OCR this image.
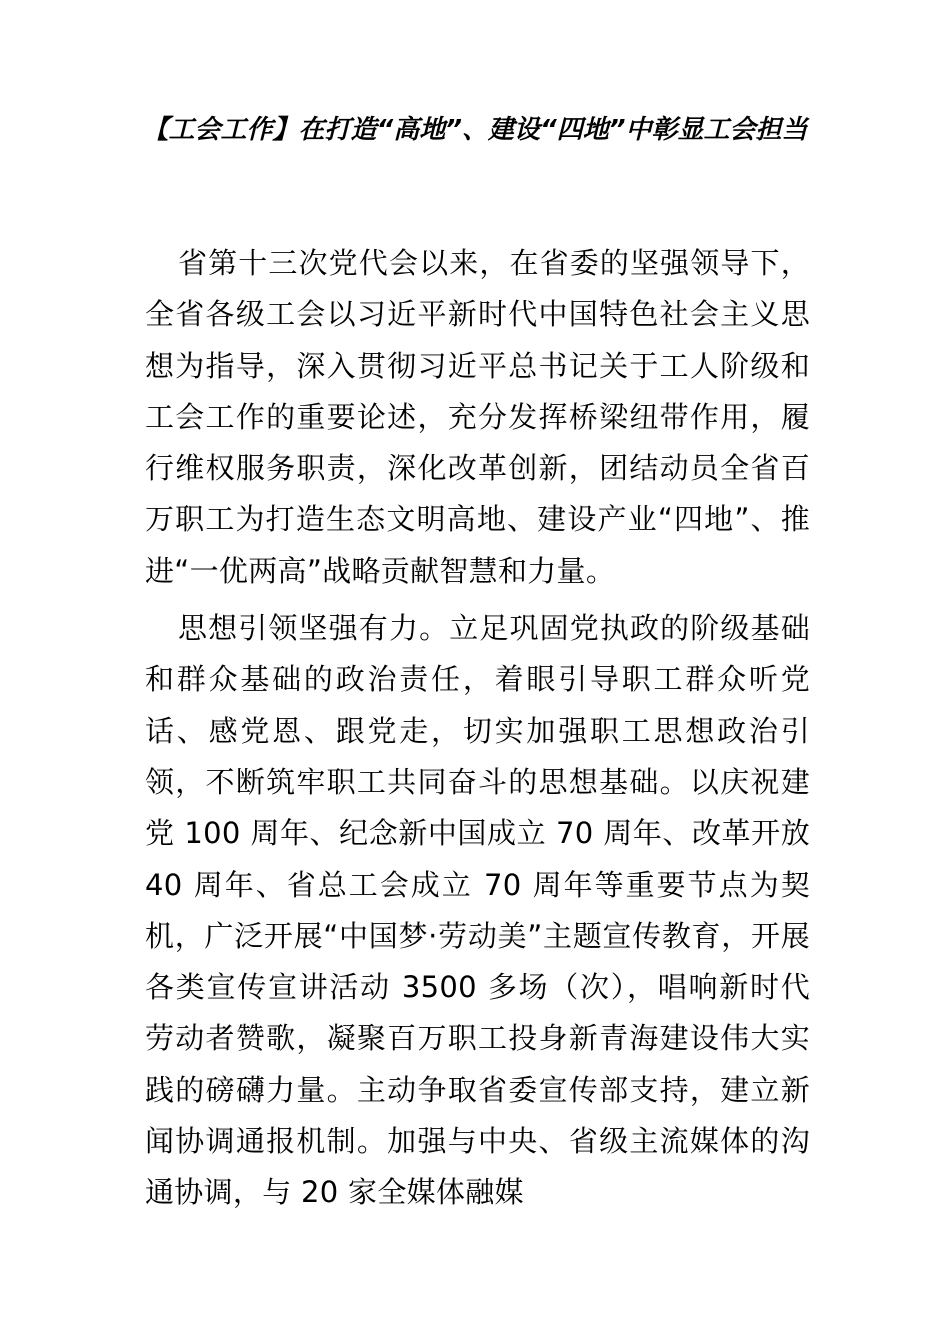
【工会工作】在打造“高地”、建设“四地”中彰显工会担当

省第十三次党代会以来，在省委的坚强领导下，全省各级工会以习近平新时代中国特色社会主义思想为指导，深入贯彻习近平总书记关于工人阶级和工会工作的重要论述，充分发挥桥梁纽带作用，履行维权服务职责，深化改革创新，团结动员全省百万职工为打造生态文明高地、建设产业“四地”、推进“一优两高”战略贡献智慧和力量。

思想引领坚强有力。立足巩固党执政的阶级基础和群众基础的政治责任，着眼引导职工群众听党话、感党恩、跟党走，切实加强职工思想政治引领，不断筑牢职工共同奋斗的思想基础。以庆祝建党 100 周年、纪念新中国成立 70 周年、改革开放 40 周年、省总工会成立 70 周年等重要节点为契机，广泛开展“中国梦·劳动美”主题宣传教育，开展各类宣传宣讲活动 3500 多场（次），唱响新时代劳动者赞歌，凝聚百万职工投身新青海建设伟大实践的磅礴力量。主动争取省委宣传部支持，建立新闻协调通报机制。加强与中央、省级主流媒体的沟通协调，与 20 家全媒体融媒
